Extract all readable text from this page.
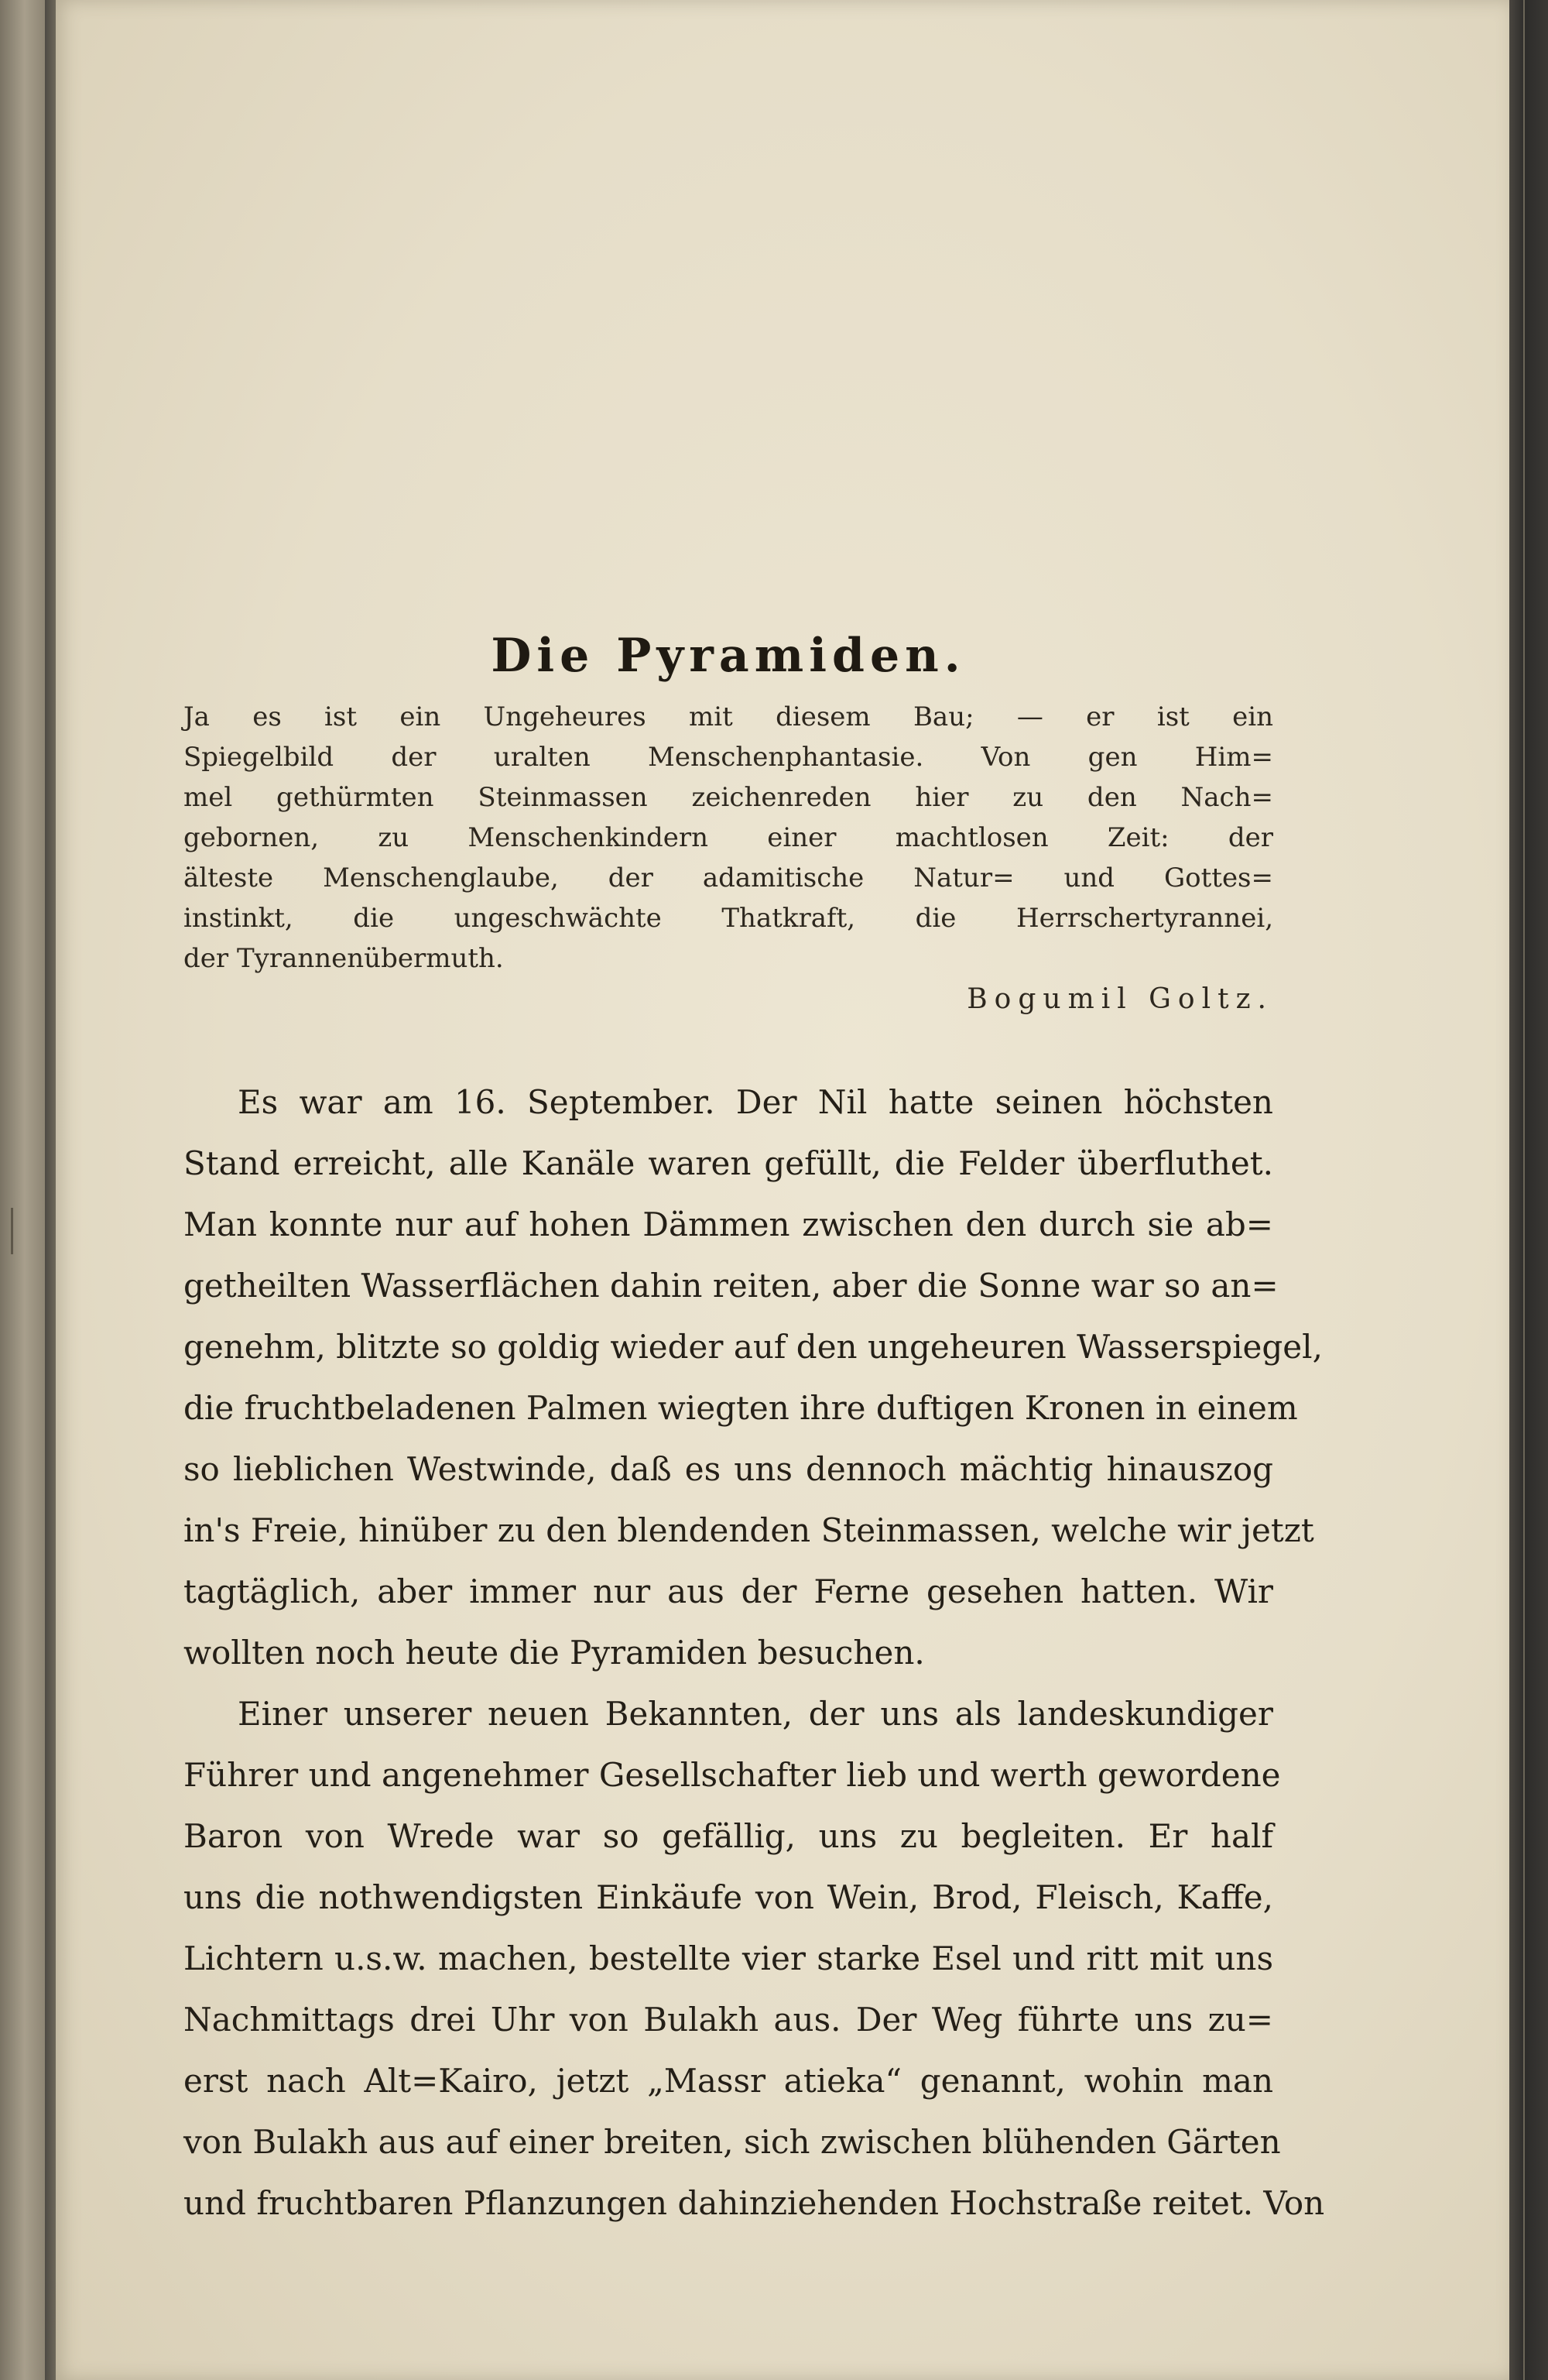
Die Pyramiden.
Ja es ist ein Ungeheures mit diesem Bau; — er ist ein
Spiegelbild der uralten Menschenphantasie. Von gen Him=
mel gethürmten Steinmassen zeichenreden hier zu den Nach=
gebornen, zu Menschenkindern einer machtlosen Zeit: der
älteste Menschenglaube, der adamitische Natur= und Gottes=
instinkt, die ungeschwächte Thatkraft, die Herrschertyrannei,
der Tyrannenübermuth.
Bogumil Goltz.
Es war am 16. September. Der Nil hatte seinen höchsten
Stand erreicht, alle Kanäle waren gefüllt, die Felder überfluthet.
Man konnte nur auf hohen Dämmen zwischen den durch sie ab=
getheilten Wasserflächen dahin reiten, aber die Sonne war so an=
genehm, blitzte so goldig wieder auf den ungeheuren Wasserspiegel,
die fruchtbeladenen Palmen wiegten ihre duftigen Kronen in einem
so lieblichen Westwinde, daß es uns dennoch mächtig hinauszog
in's Freie, hinüber zu den blendenden Steinmassen, welche wir jetzt
tagtäglich, aber immer nur aus der Ferne gesehen hatten. Wir
wollten noch heute die Pyramiden besuchen.
Einer unserer neuen Bekannten, der uns als landeskundiger
Führer und angenehmer Gesellschafter lieb und werth gewordene
Baron von Wrede war so gefällig, uns zu begleiten. Er half
uns die nothwendigsten Einkäufe von Wein, Brod, Fleisch, Kaffe,
Lichtern u.s.w. machen, bestellte vier starke Esel und ritt mit uns
Nachmittags drei Uhr von Bulakh aus. Der Weg führte uns zu=
erst nach Alt=Kairo, jetzt „Massr atieka“ genannt, wohin man
von Bulakh aus auf einer breiten, sich zwischen blühenden Gärten
und fruchtbaren Pflanzungen dahinziehenden Hochstraße reitet. Von
